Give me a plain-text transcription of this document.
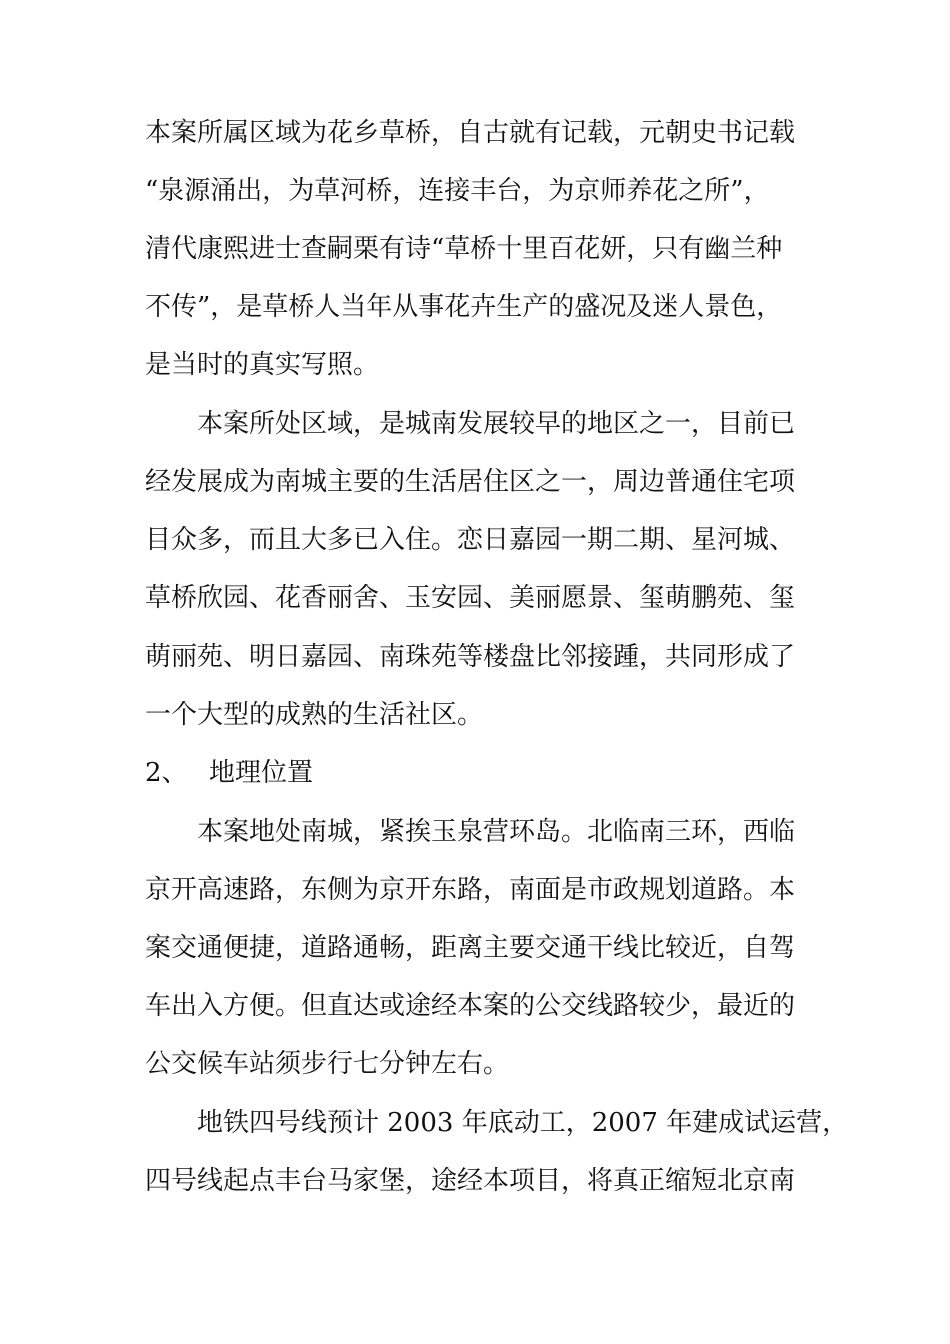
本案所属区域为花乡草桥，自古就有记载，元朝史书记载
“泉源涌出，为草河桥，连接丰台，为京师养花之所”，
清代康熙进士查嗣栗有诗“草桥十里百花妍，只有幽兰种
不传”，是草桥人当年从事花卉生产的盛况及迷人景色，
是当时的真实写照。
本案所处区域，是城南发展较早的地区之一，目前已
经发展成为南城主要的生活居住区之一，周边普通住宅项
目众多，而且大多已入住。恋日嘉园一期二期、星河城、
草桥欣园、花香丽舍、玉安园、美丽愿景、玺萌鹏苑、玺
萌丽苑、明日嘉园、南珠苑等楼盘比邻接踵，共同形成了
一个大型的成熟的生活社区。
2、 地理位置
本案地处南城，紧挨玉泉营环岛。北临南三环，西临
京开高速路，东侧为京开东路，南面是市政规划道路。本
案交通便捷，道路通畅，距离主要交通干线比较近，自驾
车出入方便。但直达或途经本案的公交线路较少，最近的
公交候车站须步行七分钟左右。
地铁四号线预计 2003 年底动工，2007 年建成试运营，
四号线起点丰台马家堡，途经本项目，将真正缩短北京南
